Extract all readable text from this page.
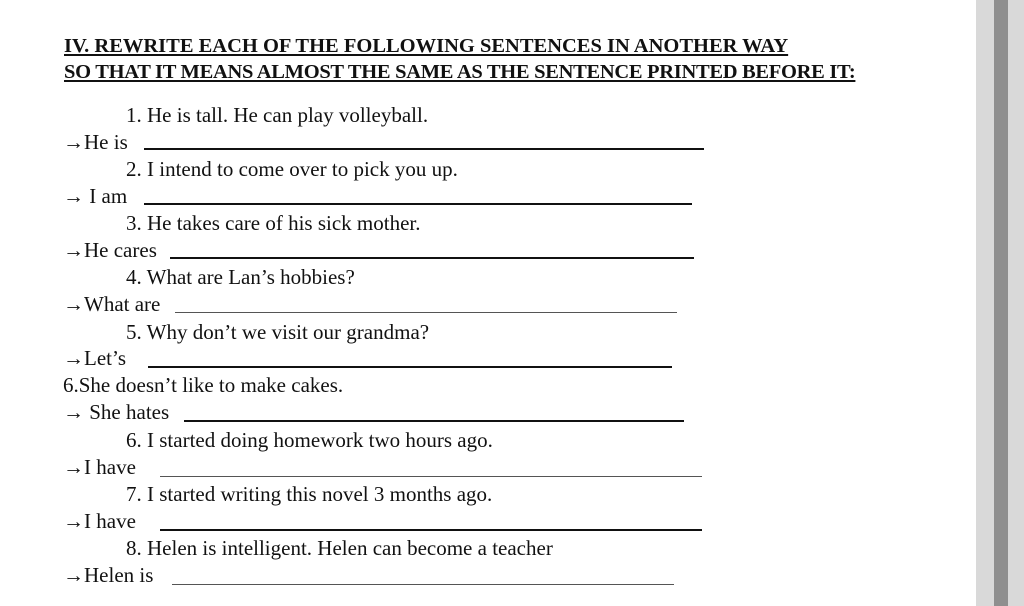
IV. REWRITE EACH OF THE FOLLOWING SENTENCES IN ANOTHER WAY
SO THAT IT MEANS ALMOST THE SAME AS THE SENTENCE PRINTED BEFORE IT:
1. He is tall. He can play volleyball.
→He is
2. I intend to come over to pick you up.
→ I am
3. He takes care of his sick mother.
→He cares
4. What are Lan’s hobbies?
→What are
5. Why don’t we visit our grandma?
→Let’s
6.She doesn’t like to make cakes.
→ She hates
6. I started doing homework two hours ago.
→I have
7. I started writing this novel 3 months ago.
→I have
8. Helen is intelligent. Helen can become a teacher
→Helen is
